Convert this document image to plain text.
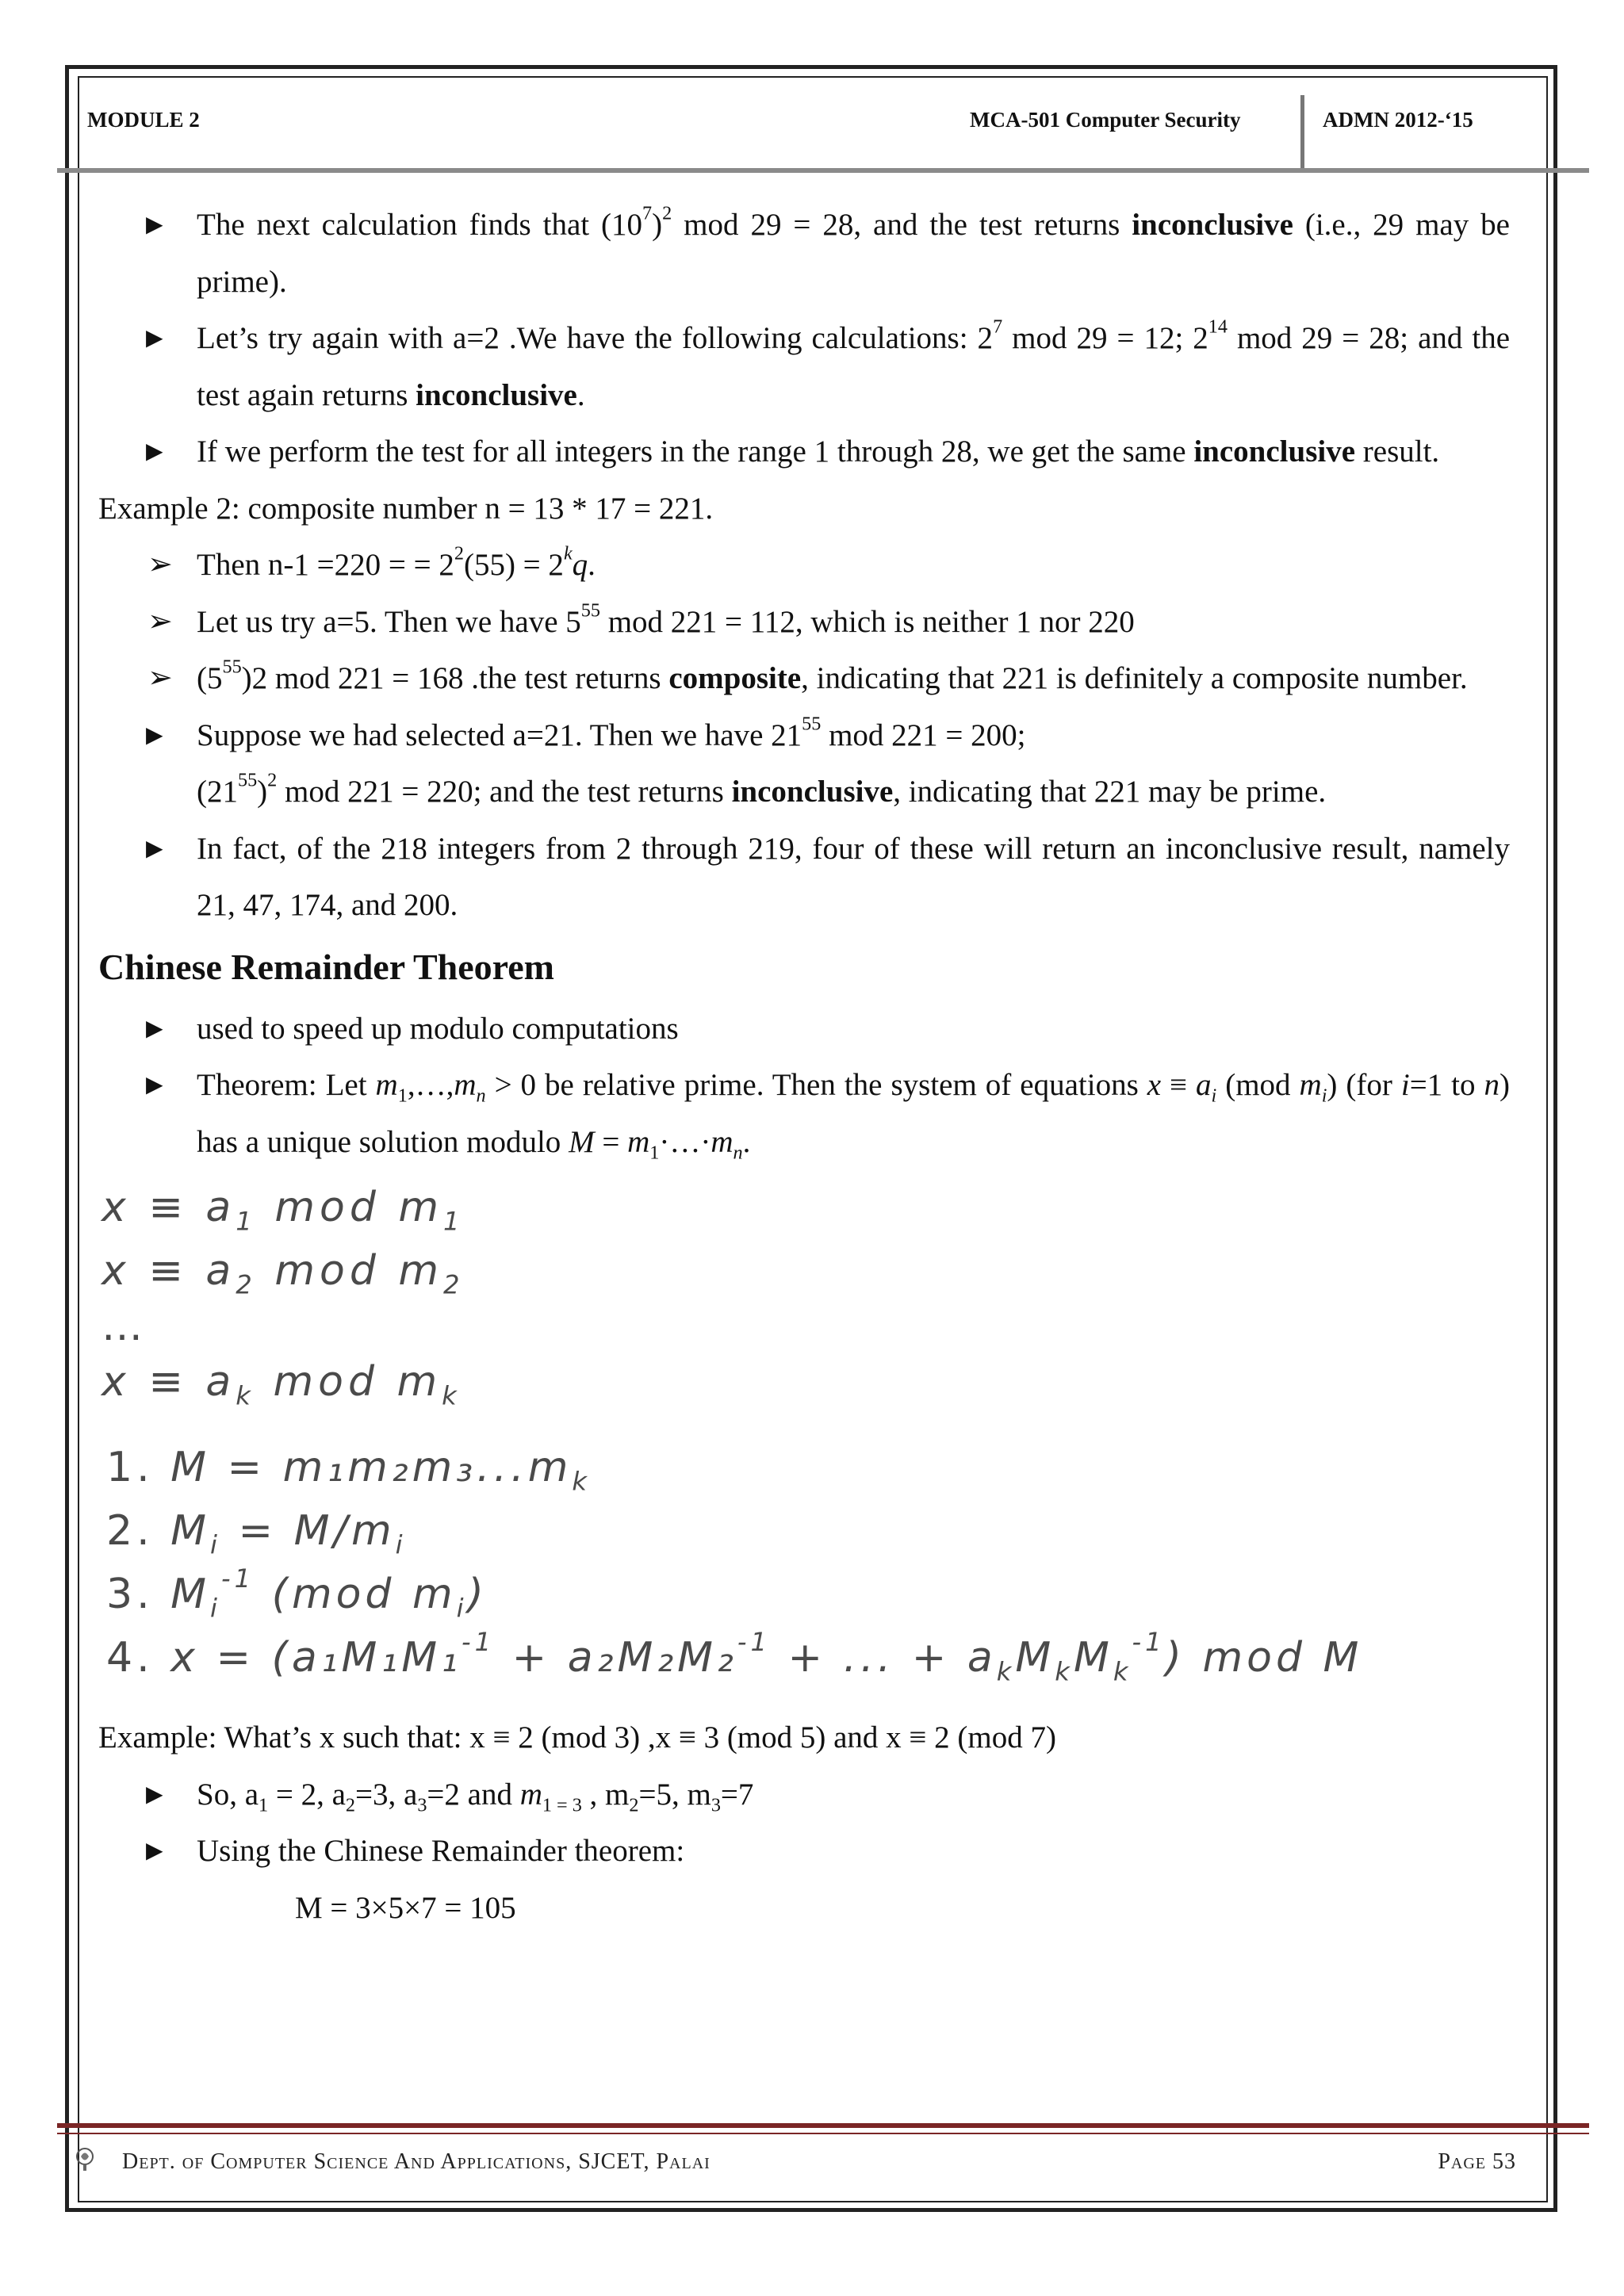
MODULE 2	MCA-501 Computer Security	ADMN 2012-‘15
▶ The next calculation finds that $(10^7)^2$ mod 29 = 28, and the test returns inconclusive (i.e., 29 may be prime).
▶ Let’s try again with a=2 .We have the following calculations: $2^7$ mod 29 = 12; $2^{14}$ mod 29 = 28; and the test again returns inconclusive.
▶ If we perform the test for all integers in the range 1 through 28, we get the same inconclusive result.
Example 2: composite number n = 13 * 17 = 221.
➢ Then n-1 =220 = = $2^2(55) = 2^kq$.
➢ Let us try a=5. Then we have $5^{55}$ mod 221 = 112, which is neither 1 nor 220
➢ $(5^{55})2$ mod 221 = 168 .the test returns composite, indicating that 221 is definitely a composite number.
▶ Suppose we had selected a=21. Then we have $21^{55}$ mod 221 = 200;
$(21^{55})^2$ mod 221 = 220; and the test returns inconclusive, indicating that 221 may be prime.
▶ In fact, of the 218 integers from 2 through 219, four of these will return an inconclusive result, namely 21, 47, 174, and 200.
Chinese Remainder Theorem
▶ used to speed up modulo computations
▶ Theorem: Let $m_1,\dots,m_n > 0$ be relative prime. Then the system of equations $x \equiv a_i$ (mod $m_i$) (for i=1 to n) has a unique solution modulo $M = m_1\cdot\dots\cdot m_n$.
$x \equiv a_1$ mod $m_1$
$x \equiv a_2$ mod $m_2$
…
$x \equiv a_k$ mod $m_k$
1. $M = m_1m_2m_3...m_k$
2. $M_i = M/m_i$
3. $M_i^{-1}$ (mod $m_i$)
4. x = (a₁M₁M₁$^{-1}$ + a₂M₂M₂$^{-1}$ + ... + $a_kM_kM_k^{-1}$) mod M
Example: What’s x such that: x ≡ 2 (mod 3) ,x ≡ 3 (mod 5) and x ≡ 2 (mod 7)
▶ So, $a_1 = 2$, $a_2=3$, $a_3=2$ and $m_{1 = 3}$ , $m_2=5$, $m_3=7$
▶ Using the Chinese Remainder theorem:
M = 3×5×7 = 105
Dept. of Computer Science And Applications, SJCET, Palai	Page 53
